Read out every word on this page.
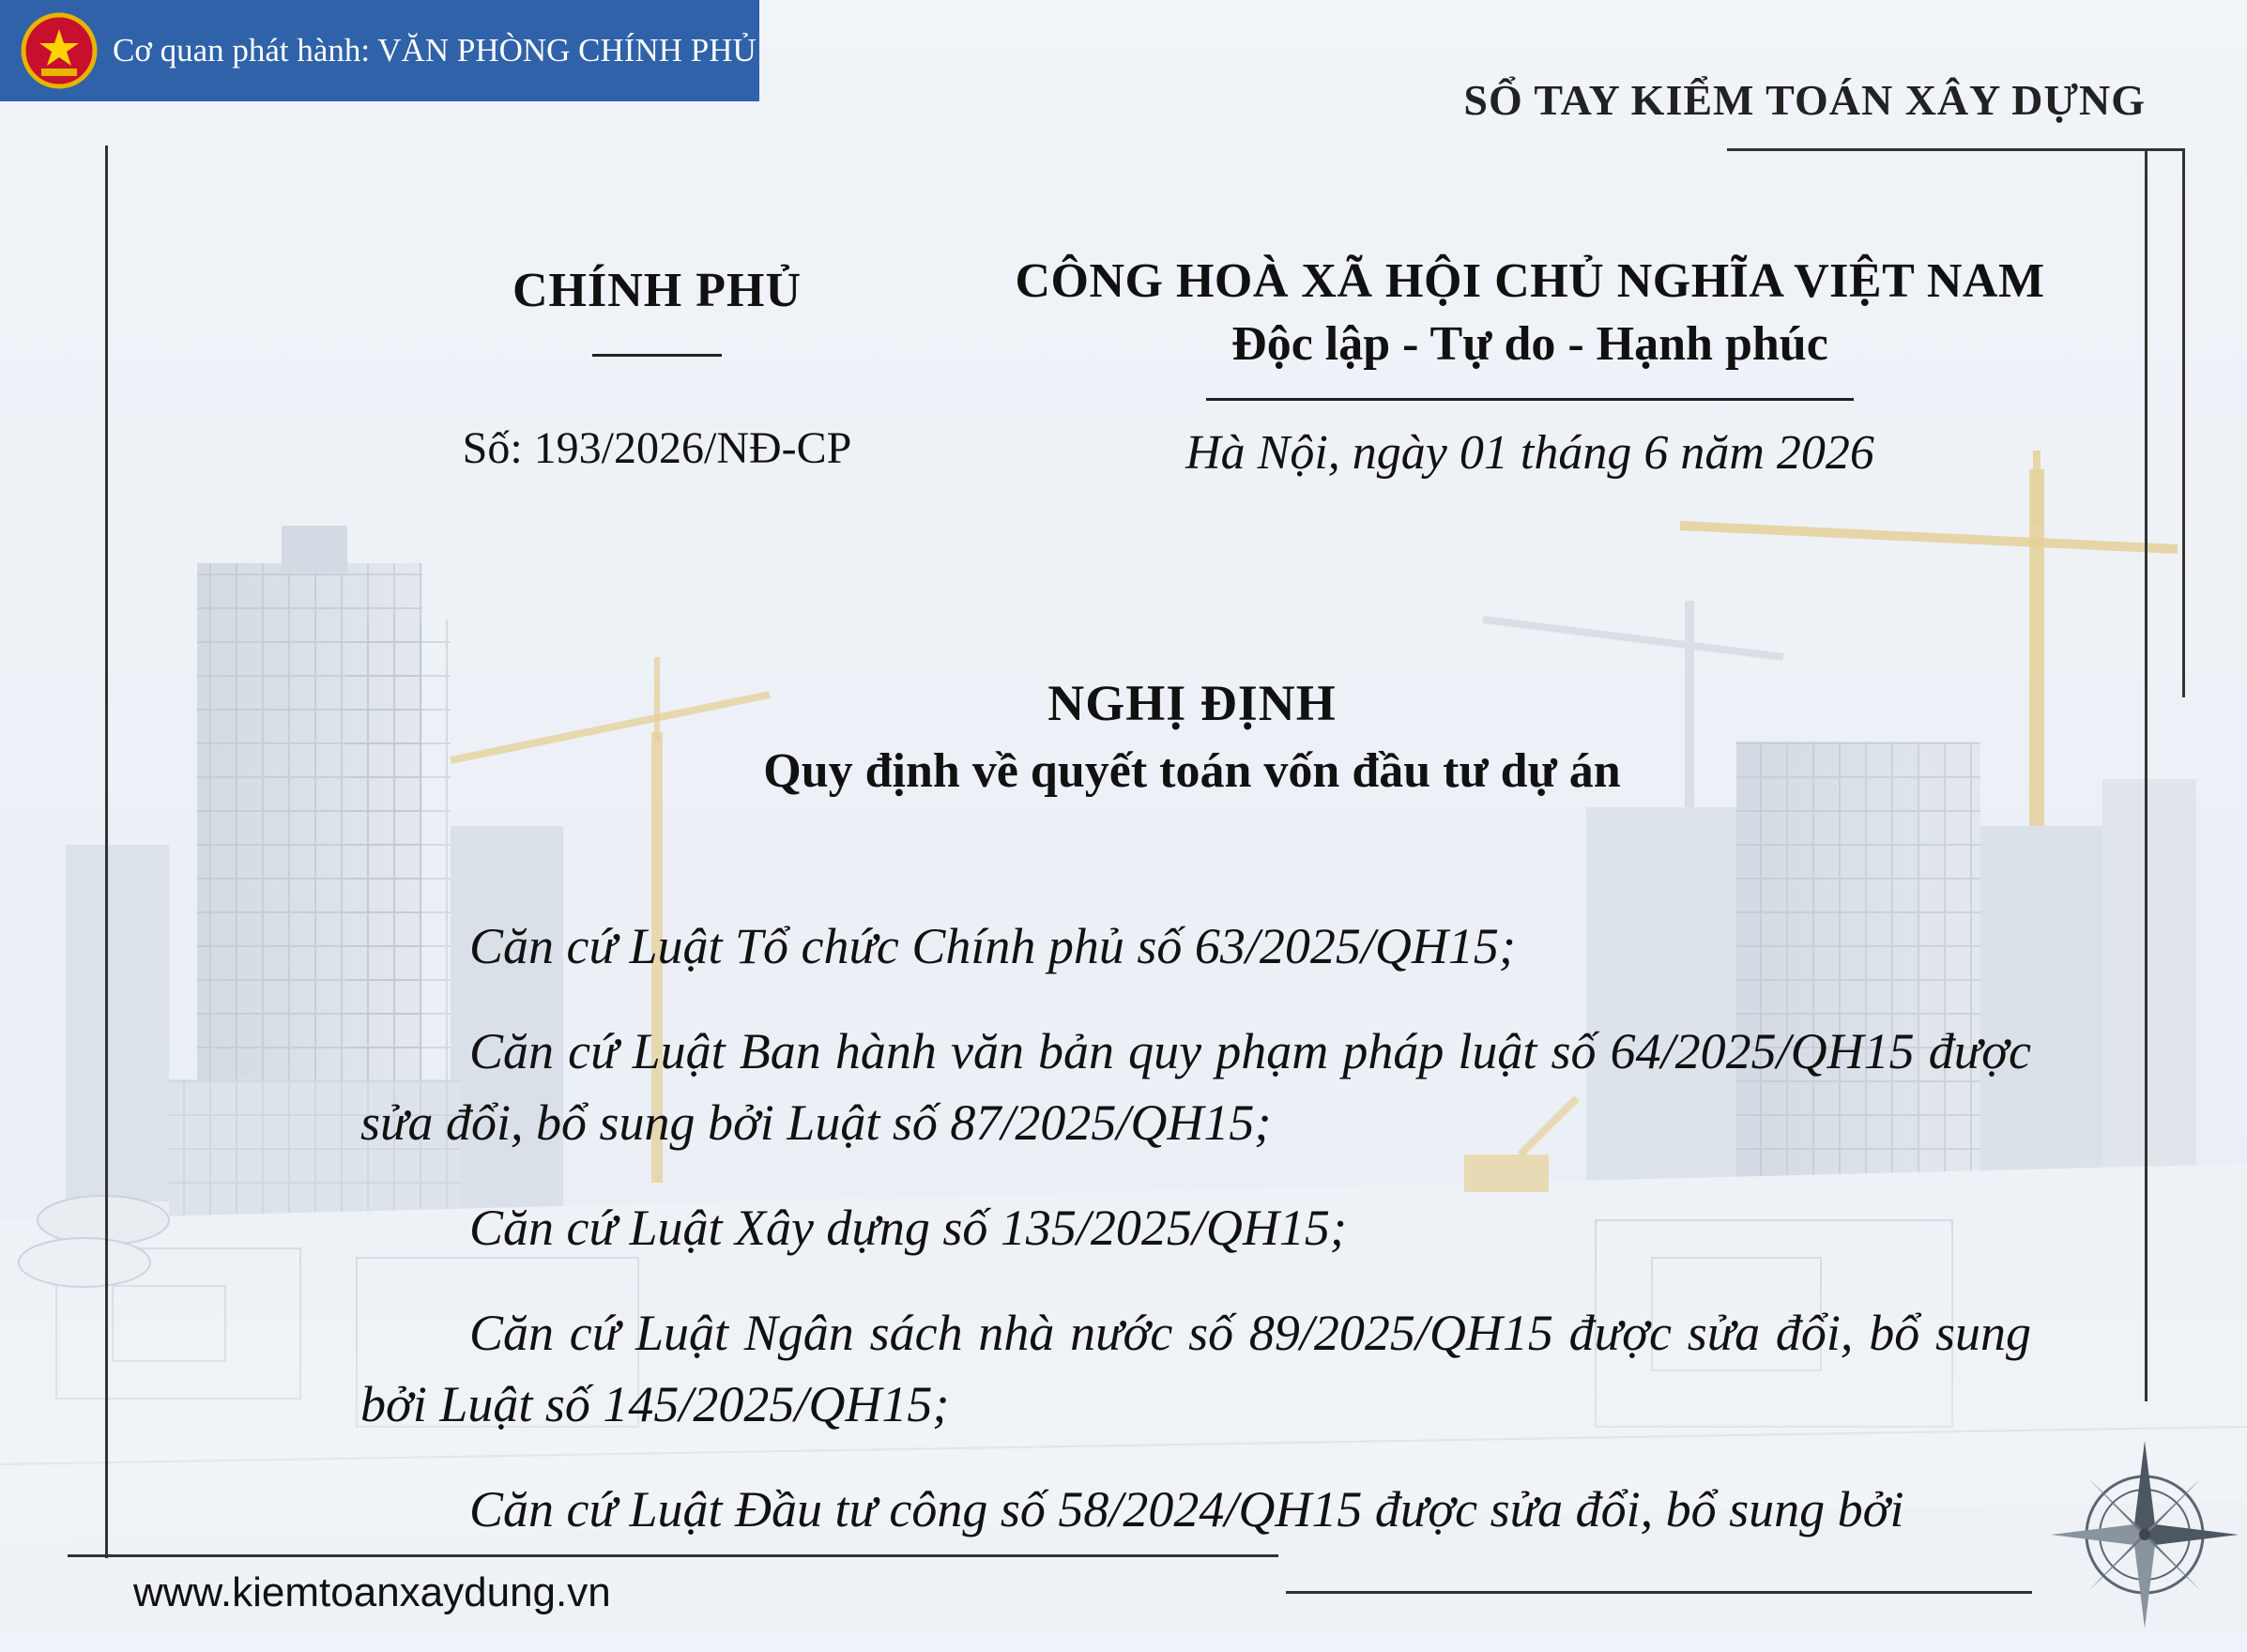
Cơ quan phát hành: VĂN PHÒNG CHÍNH PHỦ
SỔ TAY KIỂM TOÁN XÂY DỰNG
CHÍNH PHỦ
Số: 193/2026/NĐ-CP
CÔNG HOÀ XÃ HỘI CHỦ NGHĨA VIỆT NAM
Độc lập - Tự do - Hạnh phúc
Hà Nội, ngày 01 tháng 6 năm 2026
NGHỊ ĐỊNH
Quy định về quyết toán vốn đầu tư dự án

Căn cứ Luật Tổ chức Chính phủ số 63/2025/QH15;

Căn cứ Luật Ban hành văn bản quy phạm pháp luật số 64/2025/QH15 được sửa đổi, bổ sung bởi Luật số 87/2025/QH15;

Căn cứ Luật Xây dựng số 135/2025/QH15;

Căn cứ Luật Ngân sách nhà nước số 89/2025/QH15 được sửa đổi, bổ sung bởi Luật số 145/2025/QH15;

Căn cứ Luật Đầu tư công số 58/2024/QH15 được sửa đổi, bổ sung bởi

www.kiemtoanxaydung.vn
